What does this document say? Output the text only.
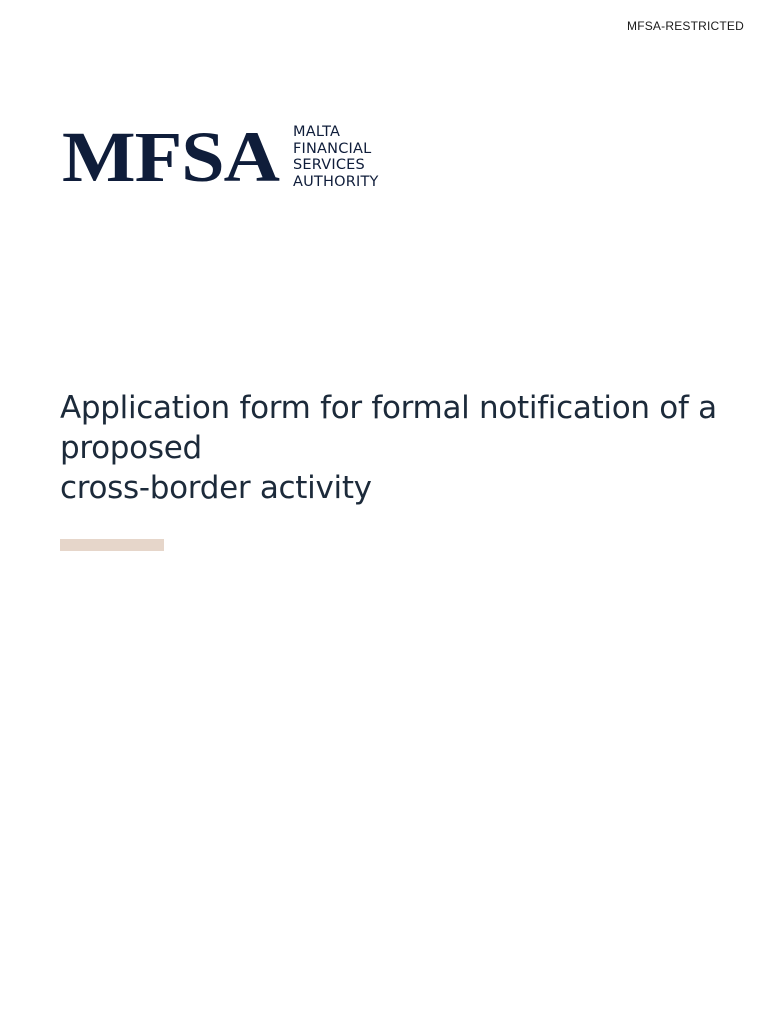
MFSA-RESTRICTED
MFSA MALTA
FINANCIAL
SERVICES
AUTHORITY
Application form for formal notification of a
proposed
cross-border activity
